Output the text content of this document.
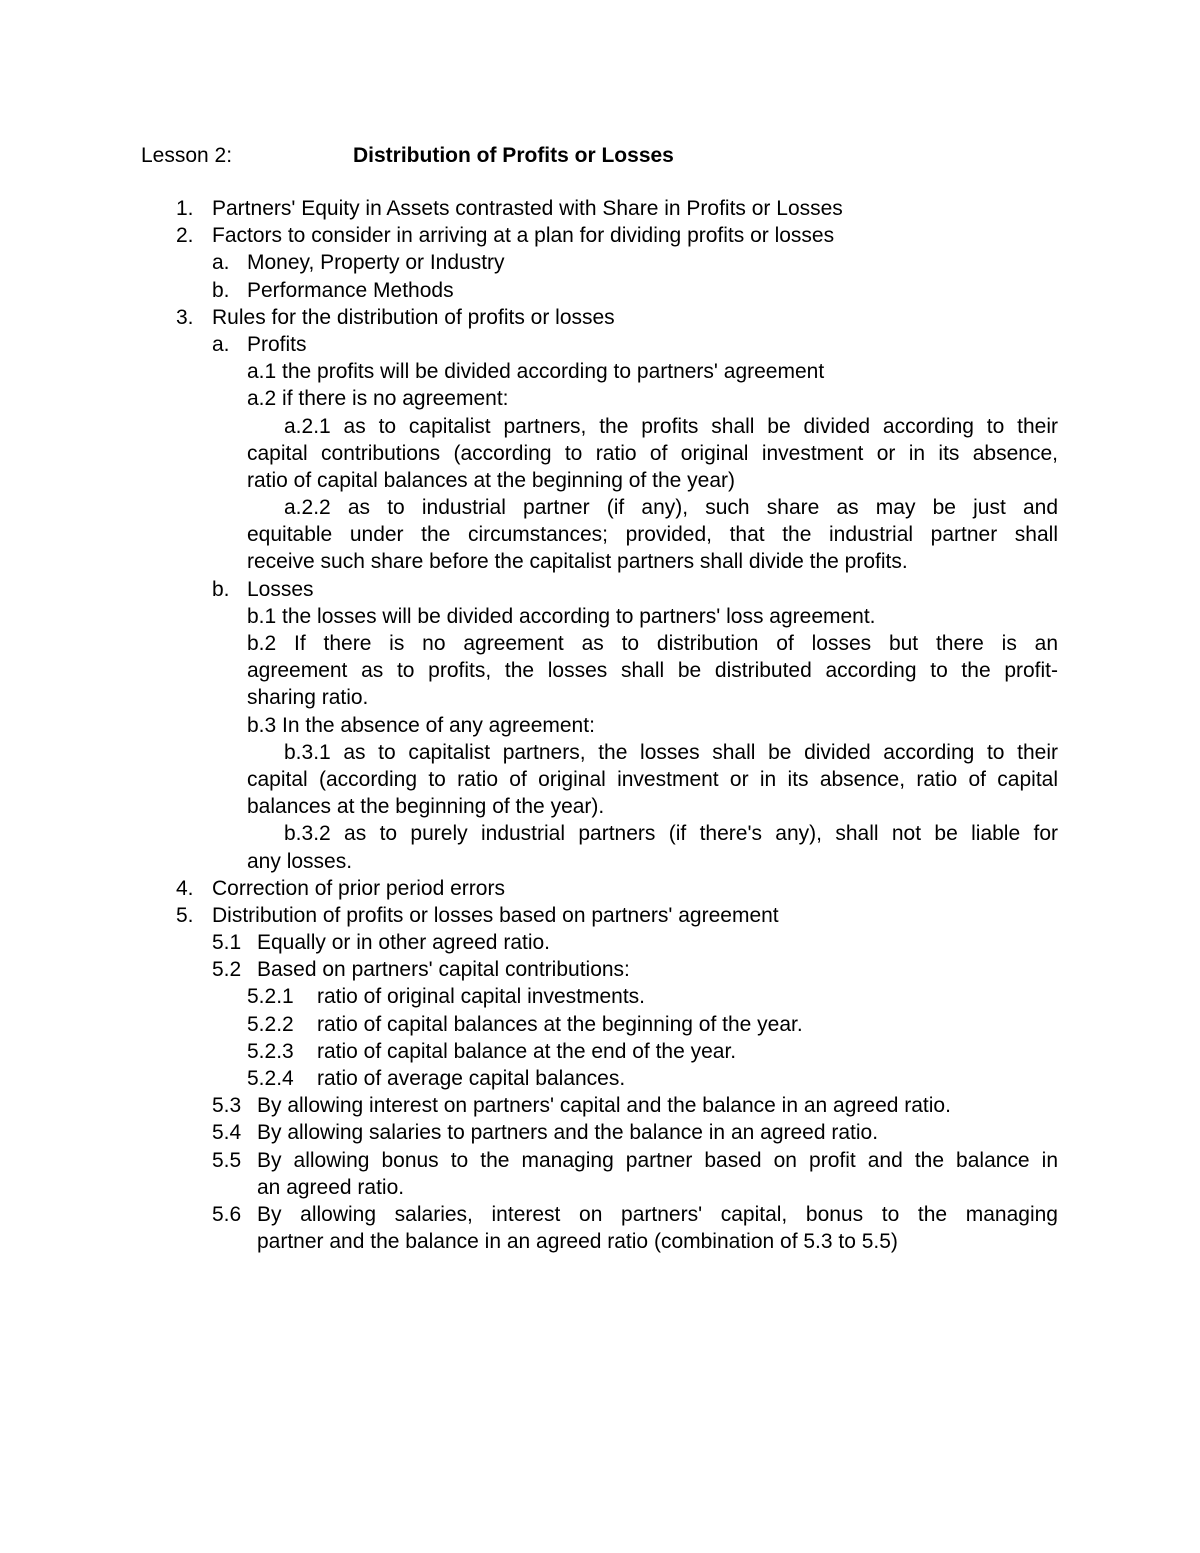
Lesson 2:	Distribution of Profits or Losses
1. Partners' Equity in Assets contrasted with Share in Profits or Losses
2. Factors to consider in arriving at a plan for dividing profits or losses
a. Money, Property or Industry
b. Performance Methods
3. Rules for the distribution of profits or losses
a. Profits
a.1 the profits will be divided according to partners' agreement
a.2 if there is no agreement:
a.2.1 as to capitalist partners, the profits shall be divided according to their
capital contributions (according to ratio of original investment or in its absence,
ratio of capital balances at the beginning of the year)
a.2.2 as to industrial partner (if any), such share as may be just and
equitable under the circumstances; provided, that the industrial partner shall
receive such share before the capitalist partners shall divide the profits.
b. Losses
b.1 the losses will be divided according to partners' loss agreement.
b.2 If there is no agreement as to distribution of losses but there is an
agreement as to profits, the losses shall be distributed according to the profit-
sharing ratio.
b.3 In the absence of any agreement:
b.3.1 as to capitalist partners, the losses shall be divided according to their
capital (according to ratio of original investment or in its absence, ratio of capital
balances at the beginning of the year).
b.3.2 as to purely industrial partners (if there's any), shall not be liable for
any losses.
4. Correction of prior period errors
5. Distribution of profits or losses based on partners' agreement
5.1 Equally or in other agreed ratio.
5.2 Based on partners' capital contributions:
5.2.1 ratio of original capital investments.
5.2.2 ratio of capital balances at the beginning of the year.
5.2.3 ratio of capital balance at the end of the year.
5.2.4 ratio of average capital balances.
5.3 By allowing interest on partners' capital and the balance in an agreed ratio.
5.4 By allowing salaries to partners and the balance in an agreed ratio.
5.5 By allowing bonus to the managing partner based on profit and the balance in
an agreed ratio.
5.6 By allowing salaries, interest on partners' capital, bonus to the managing
partner and the balance in an agreed ratio (combination of 5.3 to 5.5)
